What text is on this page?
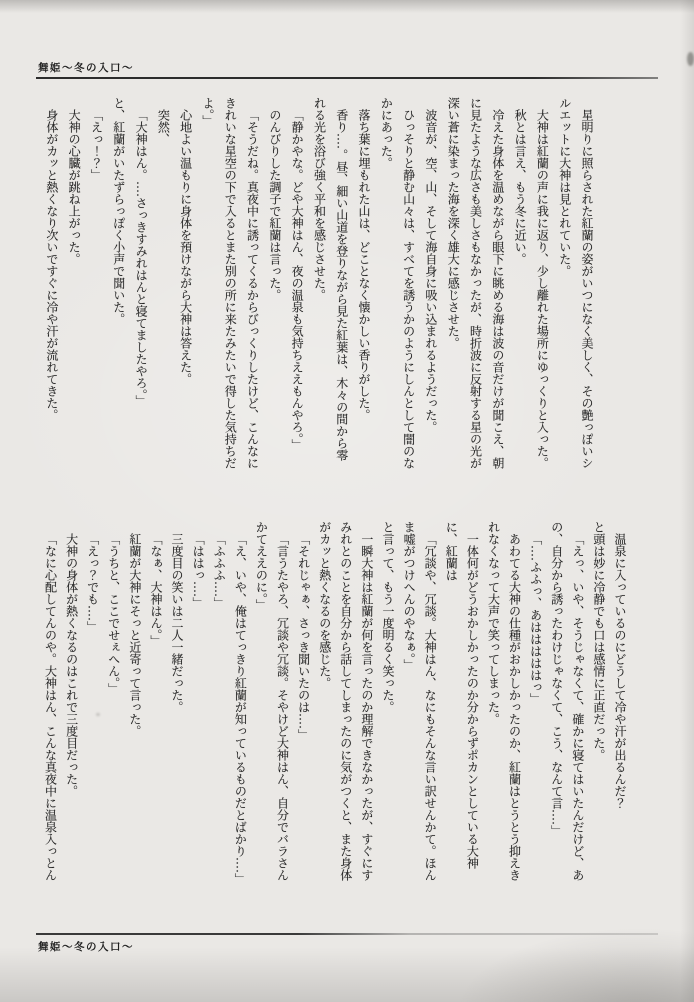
舞姫～冬の入口～

星明りに照らされた紅蘭の姿がいつになく美しく、その艶っぽいシルエットに大神は見とれていた。

大神は紅蘭の声に我に返り、少し離れた場所にゆっくりと入った。

秋とは言え、もう冬に近い。

冷えた身体を温めながら眼下に眺める海は波の音だけが聞こえ、朝に見たような広さも美しさもなかったが、時折波に反射する星の光が深い蒼に染まった海を深く雄大に感じさせた。

波音が、空、山、そして海自身に吸い込まれるようだった。

ひっそりと静む山々は、すべてを誘うかのようにしんとして闇のなかにあった。

落ち葉に埋もれた山は、どことなく懐かしい香りがした。

香り‥‥。昼、細い山道を登りながら見た紅葉は、木々の間から零れる光を浴び強く平和を感じさせた。

「静かやな。どや大神はん、夜の温泉も気持ちええもんやろ。」

のんびりした調子で紅蘭は言った。

「そうだね。真夜中に誘ってくるからびっくりしたけど、こんなにきれいな星空の下で入るとまた別の所に来たみたいで得した気持ちだよ。」

心地よい温もりに身体を預けながら大神は答えた。

突然、

「大神はん。‥‥さっきすみれはんと寝てましたやろ。」

と、紅蘭がいたずらっぽく小声で聞いた。

「えっ！？」

大神の心臓が跳ね上がった。

身体がカッと熱くなり次いですぐに冷や汗が流れてきた。

温泉に入っているのにどうして冷や汗が出るんだ？

と頭は妙に冷静でも口は感情に正直だった。

「えっ、いや、そうじゃなくて、確かに寝てはいたんだけど、あの、自分から誘ったわけじゃなくて、こう、なんて言‥‥」

「‥‥ふふっ、あはははははっ」

あわてる大神の仕種がおかしかったのか、紅蘭はとうとう抑えきれなくなって大声で笑ってしまった。

一体何がどうおかしかったのか分からずポカンとしている大神に、紅蘭は

「冗談や、冗談。大神はん、なにもそんな言い訳せんかて。ほんま嘘がつけへんのやなぁ。」

と言って、もう一度明るく笑った。

一瞬大神は紅蘭が何を言ったのか理解できなかったが、すぐにすみれとのことを自分から話してしまったのに気がつくと、また身体がカッと熱くなるのを感じた。

「それじゃぁ、さっき聞いたのは‥‥」

「言うたやろ、冗談や冗談。そやけど大神はん、自分でバラさんかてええのに。」

「え、いや、俺はてっきり紅蘭が知っているものだとばかり‥‥」

「ふふふ‥‥」

「ははっ‥‥」

三度目の笑いは二人一緒だった。

「なぁ、大神はん。」

紅蘭が大神にそっと近寄って言った。

「うちと、ここでせぇへん。」

「えっ？でも‥‥」

大神の身体が熱くなるのはこれで三度目だった。

「なに心配してんのや。大神はん、こんな真夜中に温泉入っとん

舞姫～冬の入口～
